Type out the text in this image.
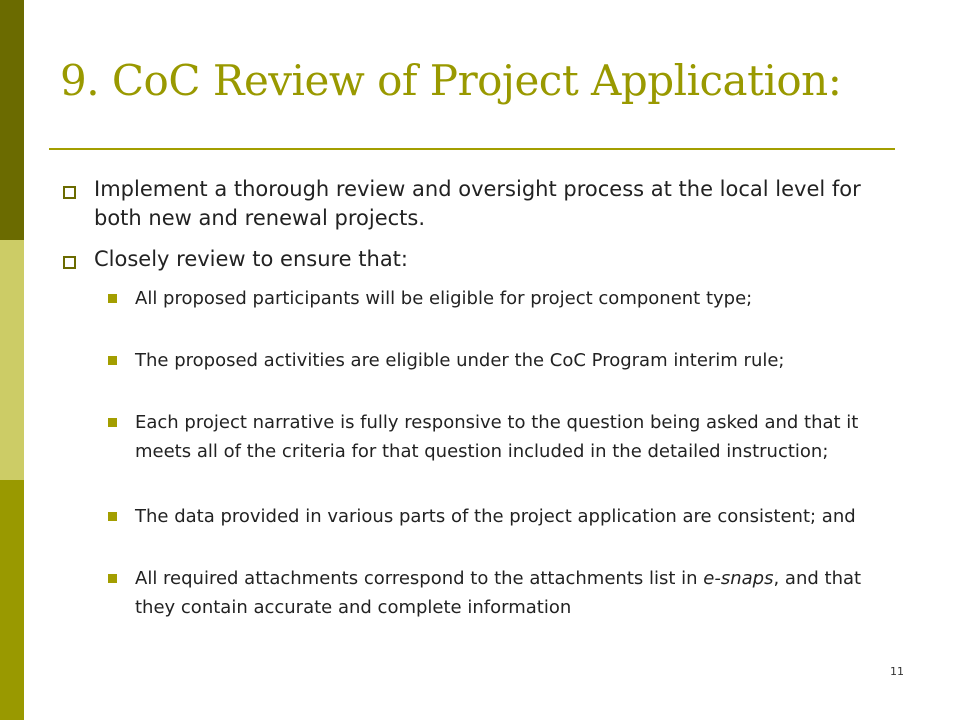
9. CoC Review of Project Application:
Implement a thorough review and oversight process at the local level for both new and renewal projects.
Closely review to ensure that:
All proposed participants will be eligible for project component type;
The proposed activities are eligible under the CoC Program interim rule;
Each project narrative is fully responsive to the question being asked and that it meets all of the criteria for that question included in the detailed instruction;
The data provided in various parts of the project application are consistent; and
All required attachments correspond to the attachments list in e-snaps, and that they contain accurate and complete information
11
